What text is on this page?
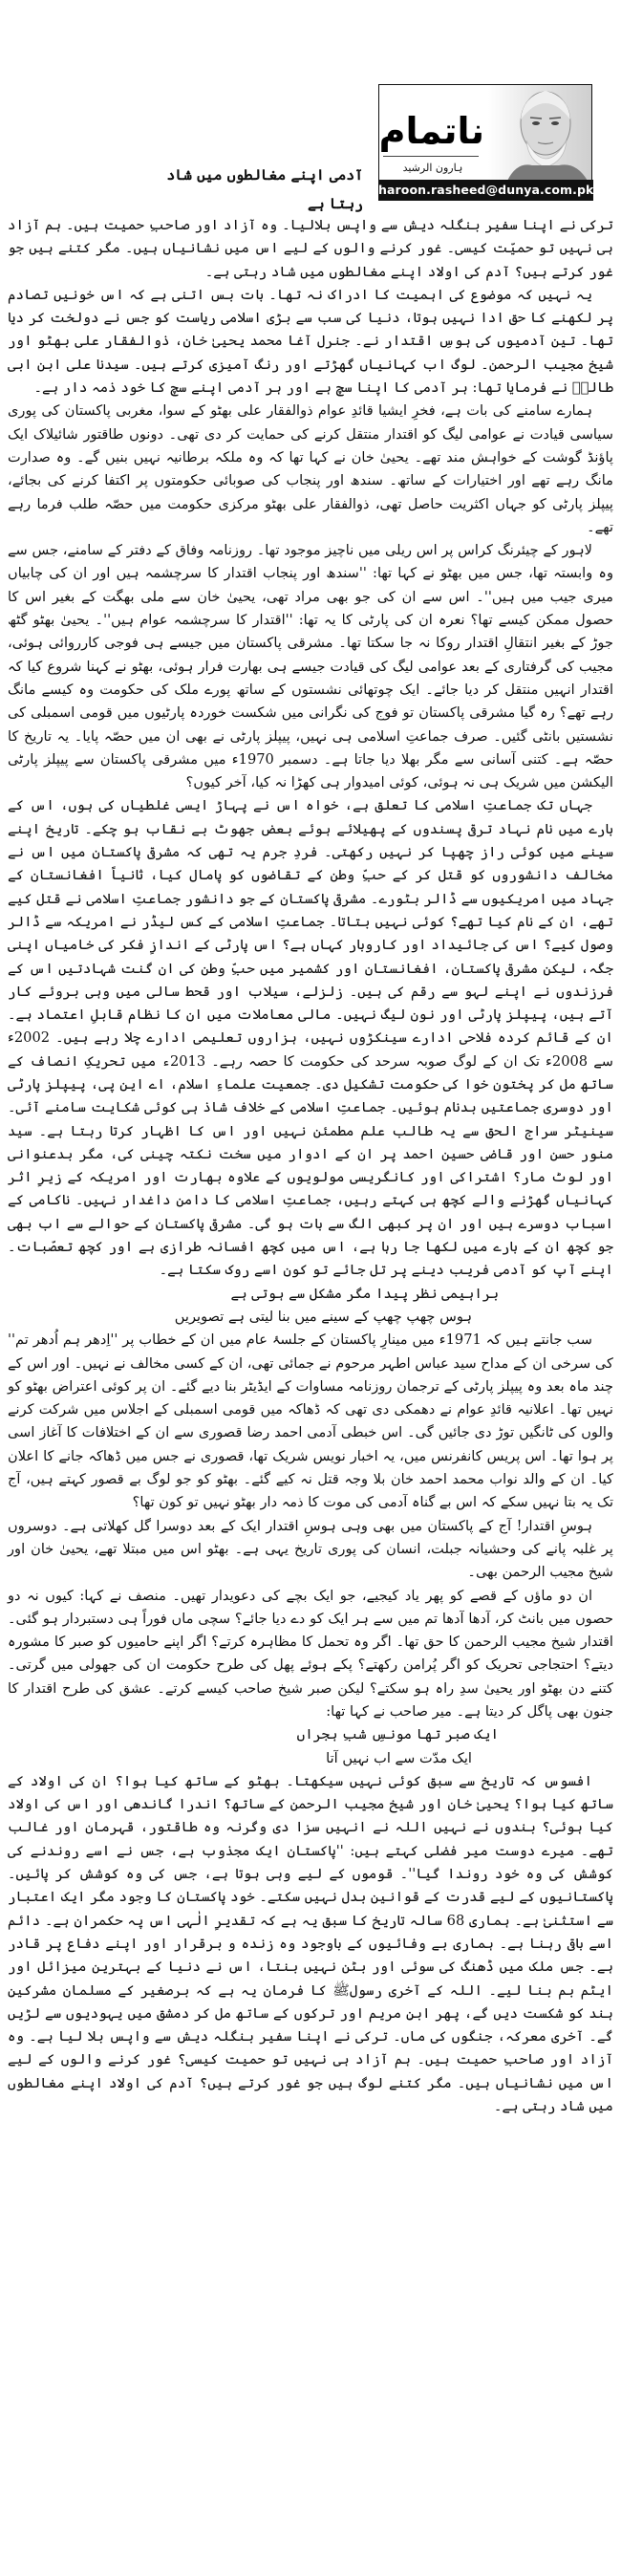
ناتمام
ہارون الرشید
haroon.rasheed@dunya.com.pk
آدمی اپنے مغالطوں میں شاد رہتا ہے

ترکی نے اپنا سفیر بنگلہ دیش سے واپس بلالیا۔ وہ آزاد اور صاحبِ حمیت ہیں۔ ہم آزاد ہی نہیں تو حمیّت کیسی۔ غور کرنے والوں کے لیے اس میں نشانیاں ہیں۔ مگر کتنے ہیں جو غور کرتے ہیں؟ آدم کی اولاد اپنے مغالطوں میں شاد رہتی ہے۔

یہ نہیں کہ موضوع کی اہمیت کا ادراک نہ تھا۔ بات بس اتنی ہے کہ اس خونیں تصادم پر لکھنے کا حق ادا نہیں ہوتا، دنیا کی سب سے بڑی اسلامی ریاست کو جس نے دولخت کر دیا تھا۔ تین آدمیوں کی ہوسِ اقتدار نے۔ جنرل آغا محمد یحییٰ خان، ذوالفقار علی بھٹو اور شیخ مجیب الرحمن۔ لوگ اب کہانیاں گھڑتے اور رنگ آمیزی کرتے ہیں۔ سیدنا علی ابن ابی طالبؓ نے فرمایا تھا: ہر آدمی کا اپنا سچ ہے اور ہر آدمی اپنے سچ کا خود ذمہ دار ہے۔

ہمارے سامنے کی بات ہے، فخرِ ایشیا قائدِ عوام ذوالفقار علی بھٹو کے سوا، مغربی پاکستان کی پوری سیاسی قیادت نے عوامی لیگ کو اقتدار منتقل کرنے کی حمایت کر دی تھی۔ دونوں طاقتور شائیلاک ایک پاؤنڈ گوشت کے خواہش مند تھے۔ یحییٰ خان نے کہا تھا کہ وہ ملکہ برطانیہ نہیں بنیں گے۔ وہ صدارت مانگ رہے تھے اور اختیارات کے ساتھ۔ سندھ اور پنجاب کی صوبائی حکومتوں پر اکتفا کرنے کی بجائے، پیپلز پارٹی کو جہاں اکثریت حاصل تھی، ذوالفقار علی بھٹو مرکزی حکومت میں حصّہ طلب فرما رہے تھے۔

لاہور کے چیئرنگ کراس پر اس ریلی میں ناچیز موجود تھا۔ روزنامہ وفاق کے دفتر کے سامنے، جس سے وہ وابستہ تھا، جس میں بھٹو نے کہا تھا: ''سندھ اور پنجاب اقتدار کا سرچشمہ ہیں اور ان کی چابیاں میری جیب میں ہیں''۔ اس سے ان کی جو بھی مراد تھی، یحییٰ خان سے ملی بھگت کے بغیر اس کا حصول ممکن کیسے تھا؟ نعرہ ان کی پارٹی کا یہ تھا: ''اقتدار کا سرچشمہ عوام ہیں''۔ یحییٰ بھٹو گٹھ جوڑ کے بغیر انتقالِ اقتدار روکا نہ جا سکتا تھا۔ مشرقی پاکستان میں جیسے ہی فوجی کارروائی ہوئی، مجیب کی گرفتاری کے بعد عوامی لیگ کی قیادت جیسے ہی بھارت فرار ہوئی، بھٹو نے کہنا شروع کیا کہ اقتدار انہیں منتقل کر دیا جائے۔ ایک چوتھائی نشستوں کے ساتھ پورے ملک کی حکومت وہ کیسے مانگ رہے تھے؟ رہ گیا مشرقی پاکستان تو فوج کی نگرانی میں شکست خوردہ پارٹیوں میں قومی اسمبلی کی نشستیں بانٹی گئیں۔ صرف جماعتِ اسلامی ہی نہیں، پیپلز پارٹی نے بھی ان میں حصّہ پایا۔ یہ تاریخ کا حصّہ ہے۔ کتنی آسانی سے مگر بھلا دیا جاتا ہے۔ دسمبر 1970ء میں مشرقی پاکستان سے پیپلز پارٹی الیکشن میں شریک ہی نہ ہوئی، کوئی امیدوار ہی کھڑا نہ کیا، آخر کیوں؟

جہاں تک جماعتِ اسلامی کا تعلق ہے، خواہ اس نے پہاڑ ایسی غلطیاں کی ہوں، اس کے بارے میں نام نہاد ترقی پسندوں کے پھیلائے ہوئے بعض جھوٹ بے نقاب ہو چکے۔ تاریخ اپنے سینے میں کوئی راز چھپا کر نہیں رکھتی۔ فردِ جرم یہ تھی کہ مشرقی پاکستان میں اس نے مخالف دانشوروں کو قتل کر کے حبِّ وطن کے تقاضوں کو پامال کیا، ثانیاً افغانستان کے جہاد میں امریکیوں سے ڈالر بٹورے۔ مشرقی پاکستان کے جو دانشور جماعتِ اسلامی نے قتل کیے تھے، ان کے نام کیا تھے؟ کوئی نہیں بتاتا۔ جماعتِ اسلامی کے کس لیڈر نے امریکہ سے ڈالر وصول کیے؟ اس کی جائیداد اور کاروبار کہاں ہے؟ اس پارٹی کے اندازِ فکر کی خامیاں اپنی جگہ، لیکن مشرقی پاکستان، افغانستان اور کشمیر میں حبِّ وطن کی ان گنت شہادتیں اس کے فرزندوں نے اپنے لہو سے رقم کی ہیں۔ زلزلے، سیلاب اور قحط سالی میں وہی بروئے کار آتے ہیں، پیپلز پارٹی اور نون لیگ نہیں۔ مالی معاملات میں ان کا نظام قابلِ اعتماد ہے۔ ان کے قائم کردہ فلاحی ادارے سینکڑوں نہیں، ہزاروں تعلیمی ادارے چلا رہے ہیں۔ 2002ء سے 2008ء تک ان کے لوگ صوبہ سرحد کی حکومت کا حصہ رہے۔ 2013ء میں تحریکِ انصاف کے ساتھ مل کر پختون خوا کی حکومت تشکیل دی۔ جمعیت علماءِ اسلام، اے این پی، پیپلز پارٹی اور دوسری جماعتیں بدنام ہوئیں۔ جماعتِ اسلامی کے خلاف شاذ ہی کوئی شکایت سامنے آئی۔ سینیٹر سراج الحق سے یہ طالب علم مطمئن نہیں اور اس کا اظہار کرتا رہتا ہے۔ سید منور حسن اور قاضی حسین احمد پر ان کے ادوار میں سخت نکتہ چینی کی، مگر بدعنوانی اور لوٹ مار؟ اشتراکی اور کانگریسی مولویوں کے علاوہ بھارت اور امریکہ کے زیرِ اثر کہانیاں گھڑنے والے کچھ ہی کہتے رہیں، جماعتِ اسلامی کا دامن داغدار نہیں۔ ناکامی کے اسباب دوسرے ہیں اور ان پر کبھی الگ سے بات ہو گی۔ مشرقی پاکستان کے حوالے سے اب بھی جو کچھ ان کے بارے میں لکھا جا رہا ہے، اس میں کچھ افسانہ طرازی ہے اور کچھ تعصّبات۔ اپنے آپ کو آدمی فریب دینے پر تل جائے تو کون اسے روک سکتا ہے۔

براہیمی نظر پیدا مگر مشکل سے ہوتی ہے
ہوس چھپ چھپ کے سینے میں بنا لیتی ہے تصویریں

سب جانتے ہیں کہ 1971ء میں مینارِ پاکستان کے جلسۂ عام میں ان کے خطاب پر ''اِدھر ہم اُدھر تم'' کی سرخی ان کے مداح سید عباس اطہر مرحوم نے جمائی تھی، ان کے کسی مخالف نے نہیں۔ اور اس کے چند ماہ بعد وہ پیپلز پارٹی کے ترجمان روزنامہ مساوات کے ایڈیٹر بنا دیے گئے۔ ان پر کوئی اعتراض بھٹو کو نہیں تھا۔ اعلانیہ قائدِ عوام نے دھمکی دی تھی کہ ڈھاکہ میں قومی اسمبلی کے اجلاس میں شرکت کرنے والوں کی ٹانگیں توڑ دی جائیں گی۔ اس خبطی آدمی احمد رضا قصوری سے ان کے اختلافات کا آغاز اسی پر ہوا تھا۔ اس پریس کانفرنس میں، یہ اخبار نویس شریک تھا، قصوری نے جس میں ڈھاکہ جانے کا اعلان کیا۔ ان کے والد نواب محمد احمد خان بلا وجہ قتل نہ کیے گئے۔ بھٹو کو جو لوگ بے قصور کہتے ہیں، آج تک یہ بتا نہیں سکے کہ اس بے گناہ آدمی کی موت کا ذمہ دار بھٹو نہیں تو کون تھا؟

ہوسِ اقتدار! آج کے پاکستان میں بھی وہی ہوسِ اقتدار ایک کے بعد دوسرا گل کھلاتی ہے۔ دوسروں پر غلبہ پانے کی وحشیانہ جبلت، انسان کی پوری تاریخ یہی ہے۔ بھٹو اس میں مبتلا تھے، یحییٰ خان اور شیخ مجیب الرحمن بھی۔

ان دو ماؤں کے قصے کو پھر یاد کیجیے، جو ایک بچے کی دعویدار تھیں۔ منصف نے کہا: کیوں نہ دو حصوں میں بانٹ کر، آدھا آدھا تم میں سے ہر ایک کو دے دیا جائے؟ سچی ماں فوراً ہی دستبردار ہو گئی۔ اقتدار شیخ مجیب الرحمن کا حق تھا۔ اگر وہ تحمل کا مظاہرہ کرتے؟ اگر اپنے حامیوں کو صبر کا مشورہ دیتے؟ احتجاجی تحریک کو اگر پُرامن رکھتے؟ پکے ہوئے پھل کی طرح حکومت ان کی جھولی میں گرتی۔ کتنے دن بھٹو اور یحییٰ سدِ راہ ہو سکتے؟ لیکن صبر شیخ صاحب کیسے کرتے۔ عشق کی طرح اقتدار کا جنون بھی پاگل کر دیتا ہے۔ میر صاحب نے کہا تھا:

ایک صبر تھا مونسِ شبِ ہجراں
ایک مدّت سے اب نہیں آتا

افسوس کہ تاریخ سے سبق کوئی نہیں سیکھتا۔ بھٹو کے ساتھ کیا ہوا؟ ان کی اولاد کے ساتھ کیا ہوا؟ یحییٰ خان اور شیخ مجیب الرحمن کے ساتھ؟ اندرا گاندھی اور اس کی اولاد کیا ہوئی؟ بندوں نے نہیں اللہ نے انہیں سزا دی وگرنہ وہ طاقتور، قہرمان اور غالب تھے۔ میرے دوست میر فضلی کہتے ہیں: ''پاکستان ایک مجذوب ہے، جس نے اسے روندنے کی کوشش کی وہ خود روندا گیا''۔ قوموں کے لیے وہی ہوتا ہے، جس کی وہ کوشش کر پائیں۔ پاکستانیوں کے لیے قدرت کے قوانین بدل نہیں سکتے۔ خود پاکستان کا وجود مگر ایک اعتبار سے استثنیٰ ہے۔ ہماری 68 سالہ تاریخ کا سبق یہ ہے کہ تقدیرِ الٰہی اس پہ حکمران ہے۔ دائم اسے باقی رہنا ہے۔ ہماری بے وفائیوں کے باوجود وہ زندہ و برقرار اور اپنے دفاع پر قادر ہے۔ جس ملک میں ڈھنگ کی سوئی اور بٹن نہیں بنتا، اس نے دنیا کے بہترین میزائل اور ایٹم بم بنا لیے۔ اللہ کے آخری رسولﷺ کا فرمان یہ ہے کہ برصغیر کے مسلمان مشرکینِ ہند کو شکست دیں گے، پھر ابنِ مریم اور ترکوں کے ساتھ مل کر دمشق میں یہودیوں سے لڑیں گے۔ آخری معرکہ، جنگوں کی ماں۔ ترکی نے اپنا سفیر بنگلہ دیش سے واپس بلا لیا ہے۔ وہ آزاد اور صاحبِ حمیت ہیں۔ ہم آزاد ہی نہیں تو حمیت کیسی؟ غور کرنے والوں کے لیے اس میں نشانیاں ہیں۔ مگر کتنے لوگ ہیں جو غور کرتے ہیں؟ آدم کی اولاد اپنے مغالطوں میں شاد رہتی ہے۔
